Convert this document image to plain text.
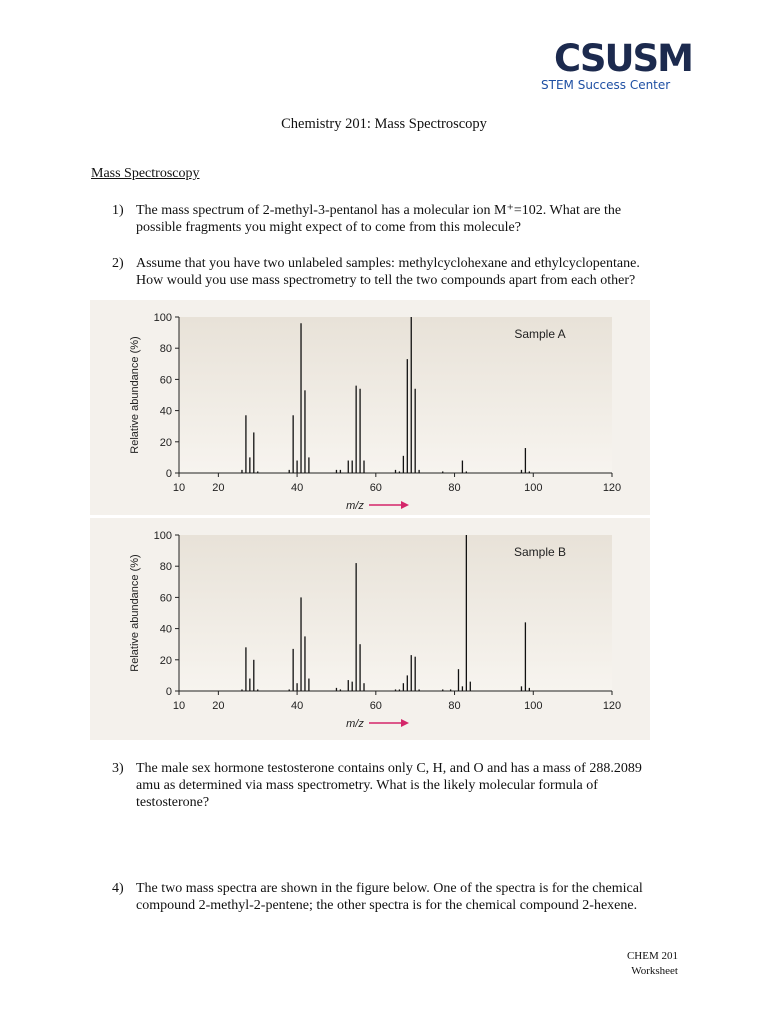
CSUSM
STEM Success Center
Chemistry 201: Mass Spectroscopy
Mass Spectroscopy
1) The mass spectrum of 2-methyl-3-pentanol has a molecular ion M⁺=102. What are the
possible fragments you might expect of to come from this molecule?
2) Assume that you have two unlabeled samples: methylcyclohexane and ethylcyclopentane.
How would you use mass spectrometry to tell the two compounds apart from each other?
0
20
40
60
80
100
10 20	40	60	80	100	120
Sample A
Relative abundance (%)
m/z
0
20
40
60
80
100
10 20	40	60	80	100	120
Sample B
Relative abundance (%)
m/z
3) The male sex hormone testosterone contains only C, H, and O and has a mass of 288.2089
amu as determined via mass spectrometry. What is the likely molecular formula of
testosterone?
4) The two mass spectra are shown in the figure below. One of the spectra is for the chemical
compound 2-methyl-2-pentene; the other spectra is for the chemical compound 2-hexene.
CHEM 201
Worksheet
